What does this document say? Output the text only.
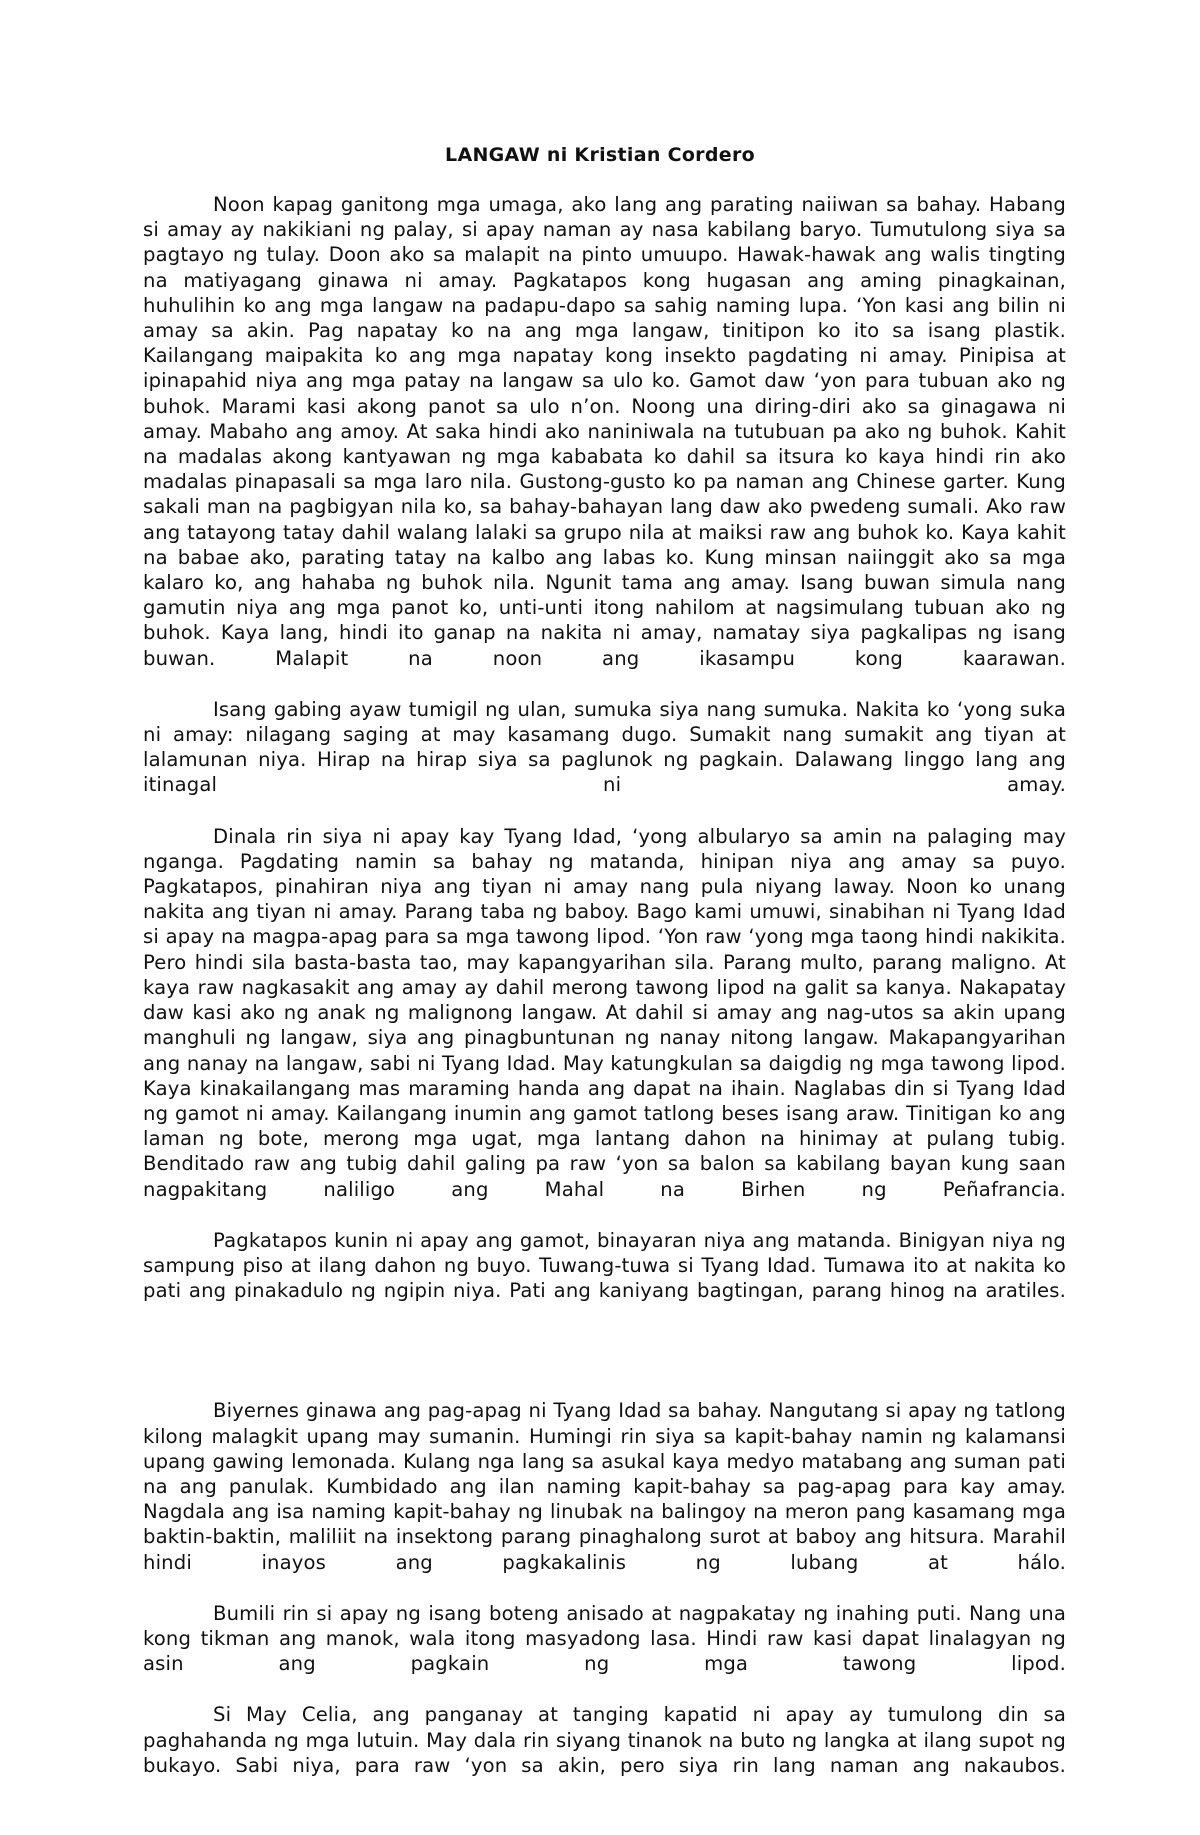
LANGAW ni Kristian Cordero

Noon kapag ganitong mga umaga, ako lang ang parating naiiwan sa bahay. Habang si amay ay nakikiani ng palay, si apay naman ay nasa kabilang baryo. Tumutulong siya sa pagtayo ng tulay. Doon ako sa malapit na pinto umuupo. Hawak-hawak ang walis tingting na matiyagang ginawa ni amay. Pagkatapos kong hugasan ang aming pinagkainan, huhulihin ko ang mga langaw na padapu-dapo sa sahig naming lupa. ‘Yon kasi ang bilin ni amay sa akin. Pag napatay ko na ang mga langaw, tinitipon ko ito sa isang plastik. Kailangang maipakita ko ang mga napatay kong insekto pagdating ni amay. Pinipisa at ipinapahid niya ang mga patay na langaw sa ulo ko. Gamot daw ‘yon para tubuan ako ng buhok. Marami kasi akong panot sa ulo n’on. Noong una diring-diri ako sa ginagawa ni amay. Mabaho ang amoy. At saka hindi ako naniniwala na tutubuan pa ako ng buhok. Kahit na madalas akong kantyawan ng mga kababata ko dahil sa itsura ko kaya hindi rin ako madalas pinapasali sa mga laro nila. Gustong-gusto ko pa naman ang Chinese garter. Kung sakali man na pagbigyan nila ko, sa bahay-bahayan lang daw ako pwedeng sumali. Ako raw ang tatayong tatay dahil walang lalaki sa grupo nila at maiksi raw ang buhok ko. Kaya kahit na babae ako, parating tatay na kalbo ang labas ko. Kung minsan naiinggit ako sa mga kalaro ko, ang hahaba ng buhok nila. Ngunit tama ang amay. Isang buwan simula nang gamutin niya ang mga panot ko, unti-unti itong nahilom at nagsimulang tubuan ako ng buhok. Kaya lang, hindi ito ganap na nakita ni amay, namatay siya pagkalipas ng isang buwan. Malapit na noon ang ikasampu kong kaarawan.

Isang gabing ayaw tumigil ng ulan, sumuka siya nang sumuka. Nakita ko ‘yong suka ni amay: nilagang saging at may kasamang dugo. Sumakit nang sumakit ang tiyan at lalamunan niya. Hirap na hirap siya sa paglunok ng pagkain. Dalawang linggo lang ang itinagal ni amay.

Dinala rin siya ni apay kay Tyang Idad, ‘yong albularyo sa amin na palaging may nganga. Pagdating namin sa bahay ng matanda, hinipan niya ang amay sa puyo. Pagkatapos, pinahiran niya ang tiyan ni amay nang pula niyang laway. Noon ko unang nakita ang tiyan ni amay. Parang taba ng baboy. Bago kami umuwi, sinabihan ni Tyang Idad si apay na magpa-apag para sa mga tawong lipod. ‘Yon raw ‘yong mga taong hindi nakikita. Pero hindi sila basta-basta tao, may kapangyarihan sila. Parang multo, parang maligno. At kaya raw nagkasakit ang amay ay dahil merong tawong lipod na galit sa kanya. Nakapatay daw kasi ako ng anak ng malignong langaw. At dahil si amay ang nag-utos sa akin upang manghuli ng langaw, siya ang pinagbuntunan ng nanay nitong langaw. Makapangyarihan ang nanay na langaw, sabi ni Tyang Idad. May katungkulan sa daigdig ng mga tawong lipod. Kaya kinakailangang mas maraming handa ang dapat na ihain. Naglabas din si Tyang Idad ng gamot ni amay. Kailangang inumin ang gamot tatlong beses isang araw. Tinitigan ko ang laman ng bote, merong mga ugat, mga lantang dahon na hinimay at pulang tubig. Benditado raw ang tubig dahil galing pa raw ‘yon sa balon sa kabilang bayan kung saan nagpakitang naliligo ang Mahal na Birhen ng Peñafrancia.

Pagkatapos kunin ni apay ang gamot, binayaran niya ang matanda. Binigyan niya ng sampung piso at ilang dahon ng buyo. Tuwang-tuwa si Tyang Idad. Tumawa ito at nakita ko pati ang pinakadulo ng ngipin niya. Pati ang kaniyang bagtingan, parang hinog na aratiles.

Biyernes ginawa ang pag-apag ni Tyang Idad sa bahay. Nangutang si apay ng tatlong kilong malagkit upang may sumanin. Humingi rin siya sa kapit-bahay namin ng kalamansi upang gawing lemonada. Kulang nga lang sa asukal kaya medyo matabang ang suman pati na ang panulak. Kumbidado ang ilan naming kapit-bahay sa pag-apag para kay amay. Nagdala ang isa naming kapit-bahay ng linubak na balingoy na meron pang kasamang mga baktin-baktin, maliliit na insektong parang pinaghalong surot at baboy ang hitsura. Marahil hindi inayos ang pagkakalinis ng lubang at hálo.

Bumili rin si apay ng isang boteng anisado at nagpakatay ng inahing puti. Nang una kong tikman ang manok, wala itong masyadong lasa. Hindi raw kasi dapat linalagyan ng asin ang pagkain ng mga tawong lipod.

Si May Celia, ang panganay at tanging kapatid ni apay ay tumulong din sa paghahanda ng mga lutuin. May dala rin siyang tinanok na buto ng langka at ilang supot ng bukayo. Sabi niya, para raw ‘yon sa akin, pero siya rin lang naman ang nakaubos.
